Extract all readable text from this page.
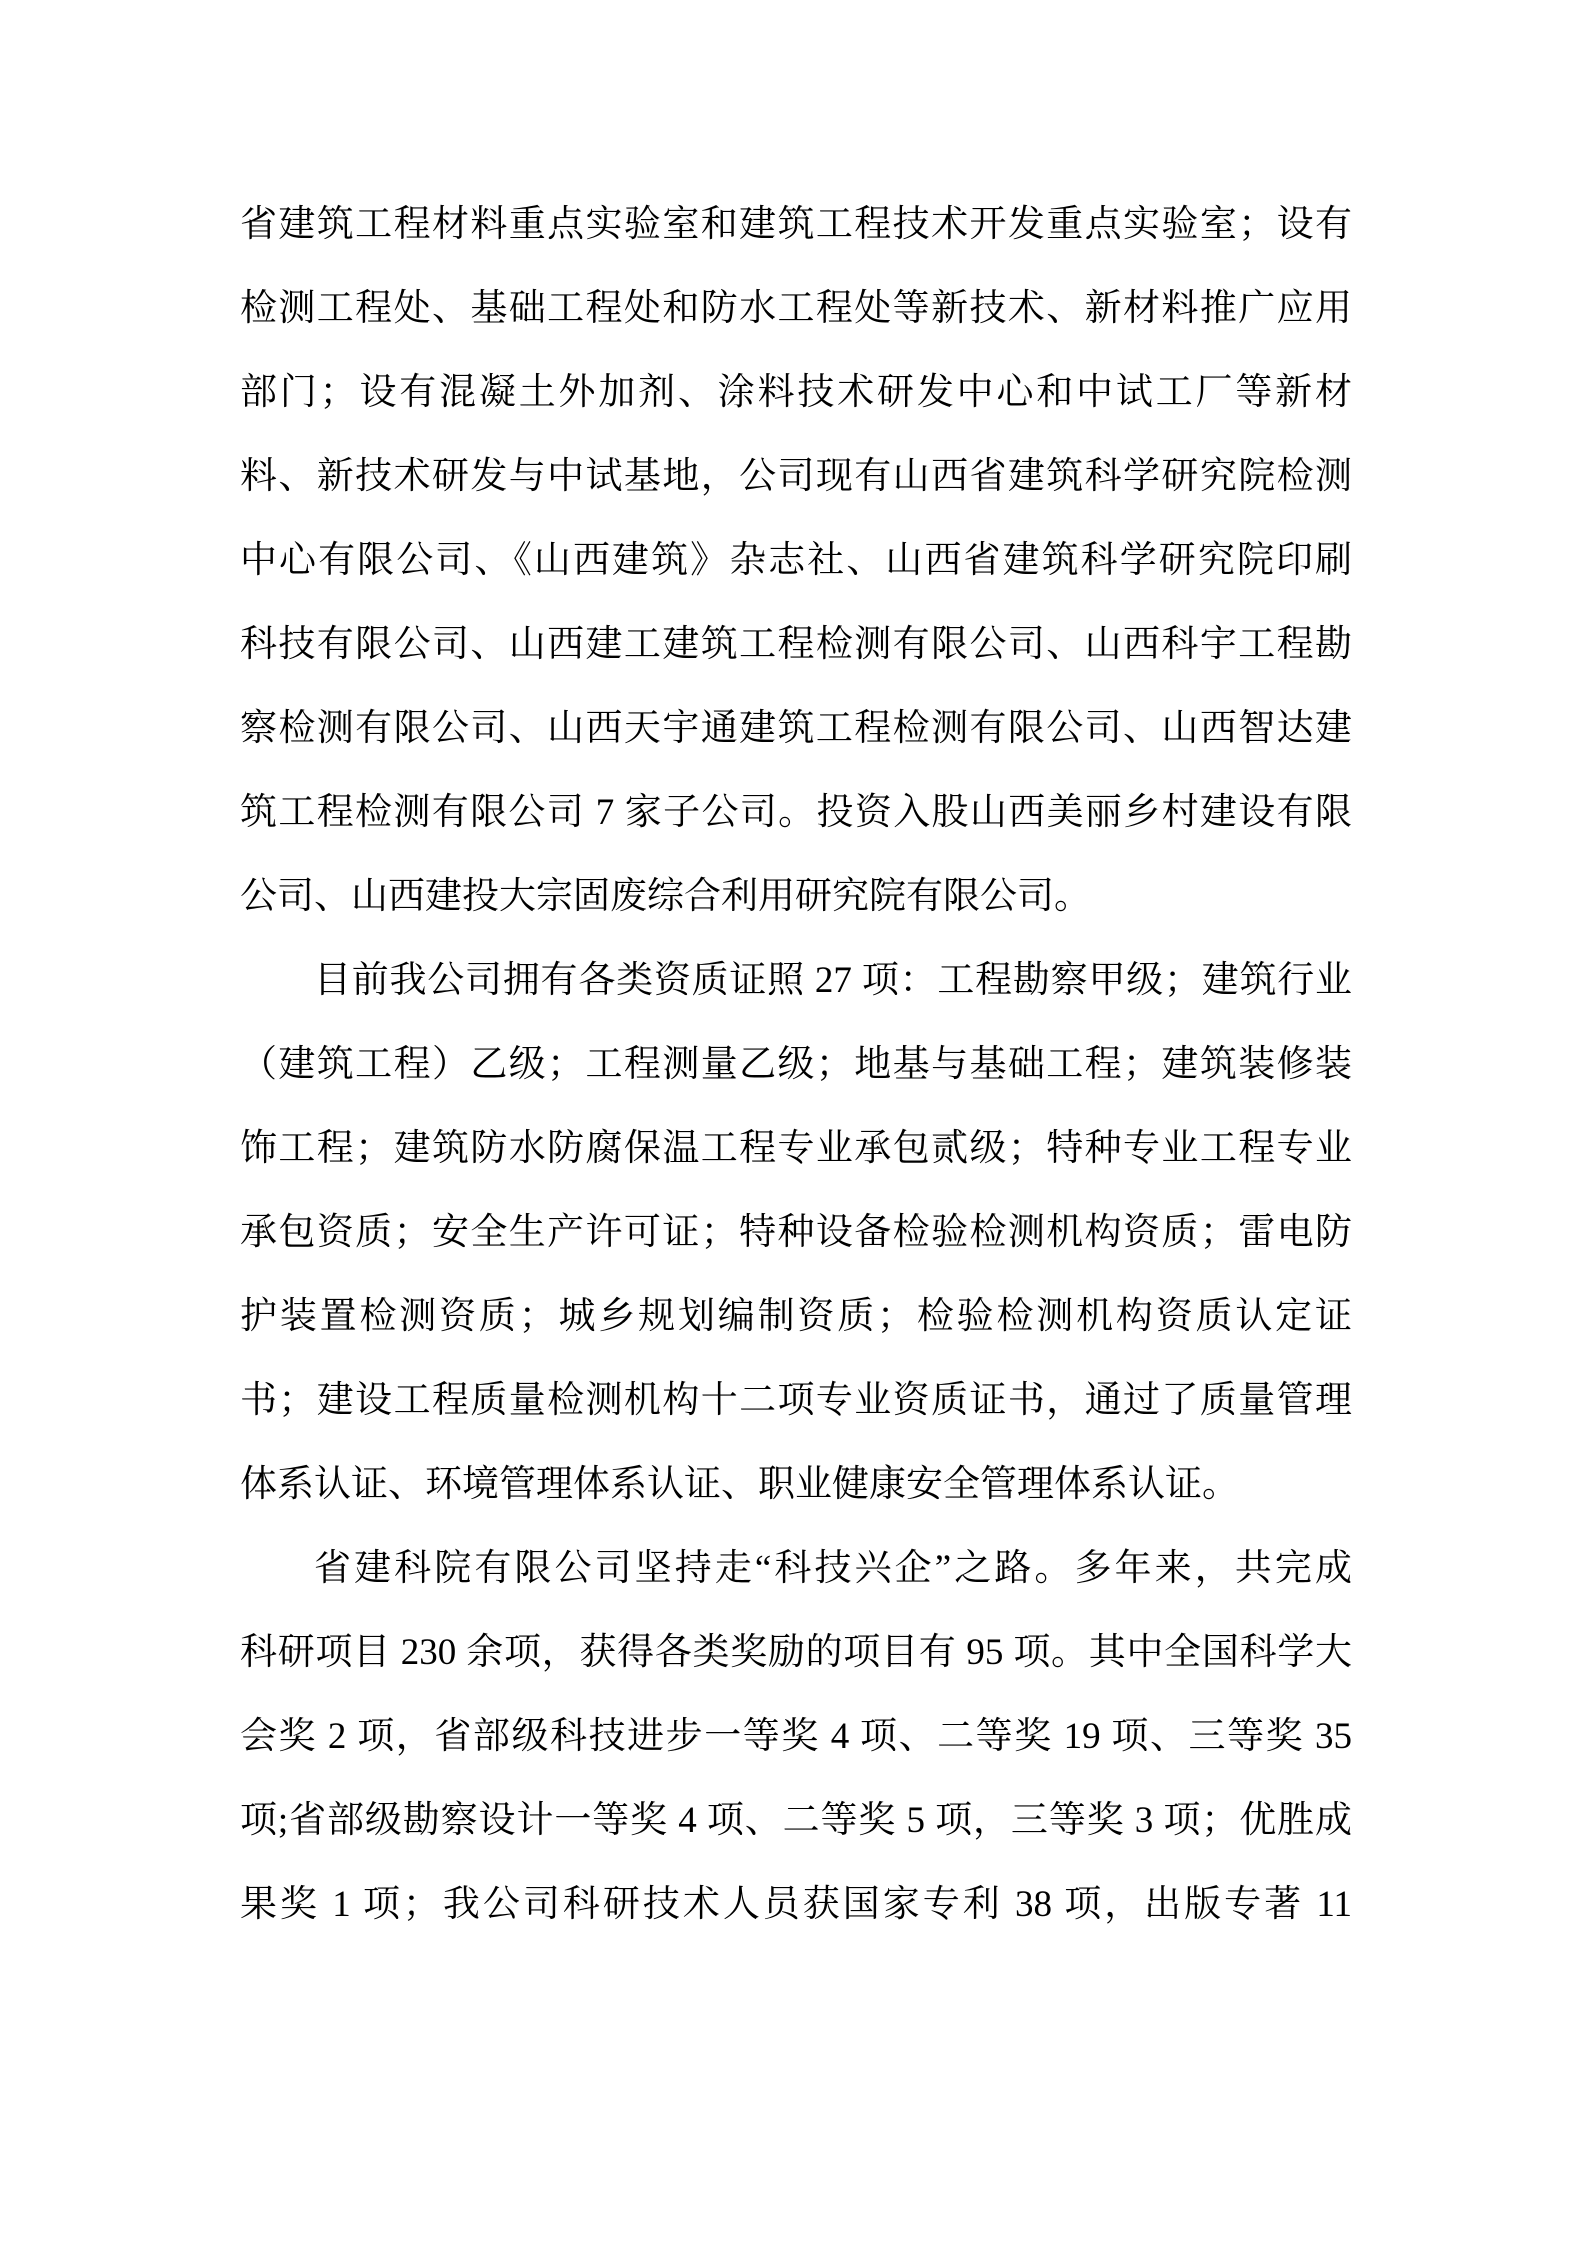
省建筑工程材料重点实验室和建筑工程技术开发重点实验室；设有
检测工程处、基础工程处和防水工程处等新技术、新材料推广应用
部门；设有混凝土外加剂、涂料技术研发中心和中试工厂等新材
料、新技术研发与中试基地，公司现有山西省建筑科学研究院检测
中心有限公司、《山西建筑》杂志社、山西省建筑科学研究院印刷
科技有限公司、山西建工建筑工程检测有限公司、山西科宇工程勘
察检测有限公司、山西天宇通建筑工程检测有限公司、山西智达建
筑工程检测有限公司 7 家子公司。投资入股山西美丽乡村建设有限
公司、山西建投大宗固废综合利用研究院有限公司。
目前我公司拥有各类资质证照 27 项：工程勘察甲级；建筑行业
（建筑工程）乙级；工程测量乙级；地基与基础工程；建筑装修装
饰工程；建筑防水防腐保温工程专业承包贰级；特种专业工程专业
承包资质；安全生产许可证；特种设备检验检测机构资质；雷电防
护装置检测资质；城乡规划编制资质；检验检测机构资质认定证
书；建设工程质量检测机构十二项专业资质证书，通过了质量管理
体系认证、环境管理体系认证、职业健康安全管理体系认证。
省建科院有限公司坚持走“科技兴企”之路。多年来，共完成
科研项目 230 余项，获得各类奖励的项目有 95 项。其中全国科学大
会奖 2 项，省部级科技进步一等奖 4 项、二等奖 19 项、三等奖 35
项;省部级勘察设计一等奖 4 项、二等奖 5 项，三等奖 3 项；优胜成
果奖 1 项；我公司科研技术人员获国家专利 38 项，出版专著 11
